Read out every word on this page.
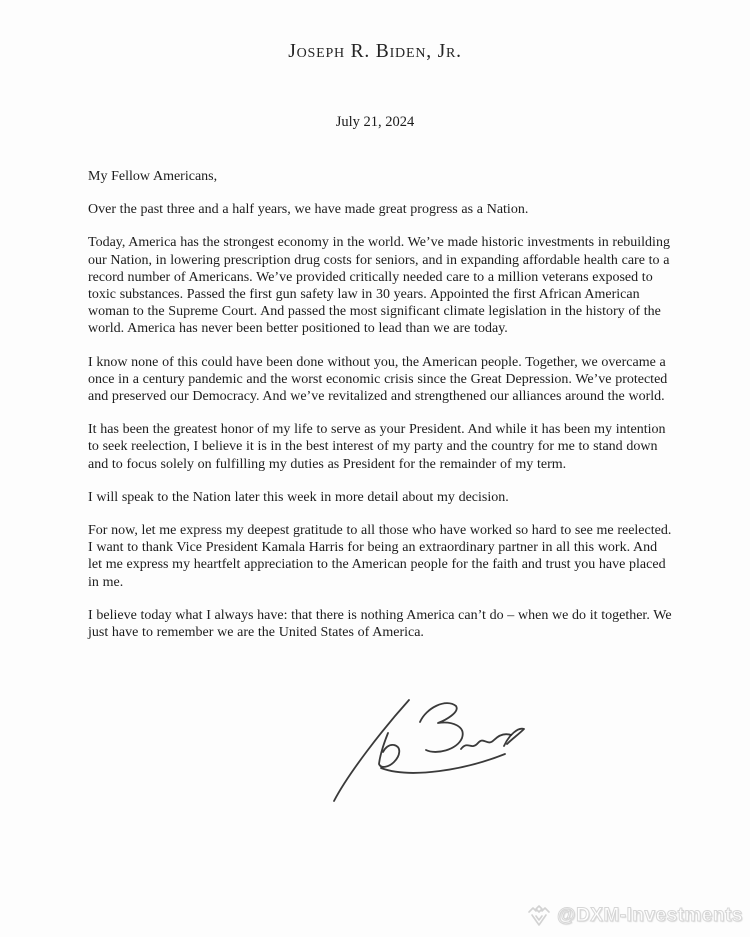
Joseph R. Biden, Jr.
July 21, 2024

My Fellow Americans,

Over the past three and a half years, we have made great progress as a Nation.

Today, America has the strongest economy in the world. We’ve made historic investments in rebuilding our Nation, in lowering prescription drug costs for seniors, and in expanding affordable health care to a record number of Americans. We’ve provided critically needed care to a million veterans exposed to toxic substances. Passed the first gun safety law in 30 years. Appointed the first African American woman to the Supreme Court. And passed the most significant climate legislation in the history of the world. America has never been better positioned to lead than we are today.

I know none of this could have been done without you, the American people. Together, we overcame a once in a century pandemic and the worst economic crisis since the Great Depression. We’ve protected and preserved our Democracy. And we’ve revitalized and strengthened our alliances around the world.

It has been the greatest honor of my life to serve as your President. And while it has been my intention to seek reelection, I believe it is in the best interest of my party and the country for me to stand down and to focus solely on fulfilling my duties as President for the remainder of my term.

I will speak to the Nation later this week in more detail about my decision.

For now, let me express my deepest gratitude to all those who have worked so hard to see me reelected. I want to thank Vice President Kamala Harris for being an extraordinary partner in all this work. And let me express my heartfelt appreciation to the American people for the faith and trust you have placed in me.

I believe today what I always have: that there is nothing America can’t do – when we do it together. We just have to remember we are the United States of America.

@DXM-Investments
